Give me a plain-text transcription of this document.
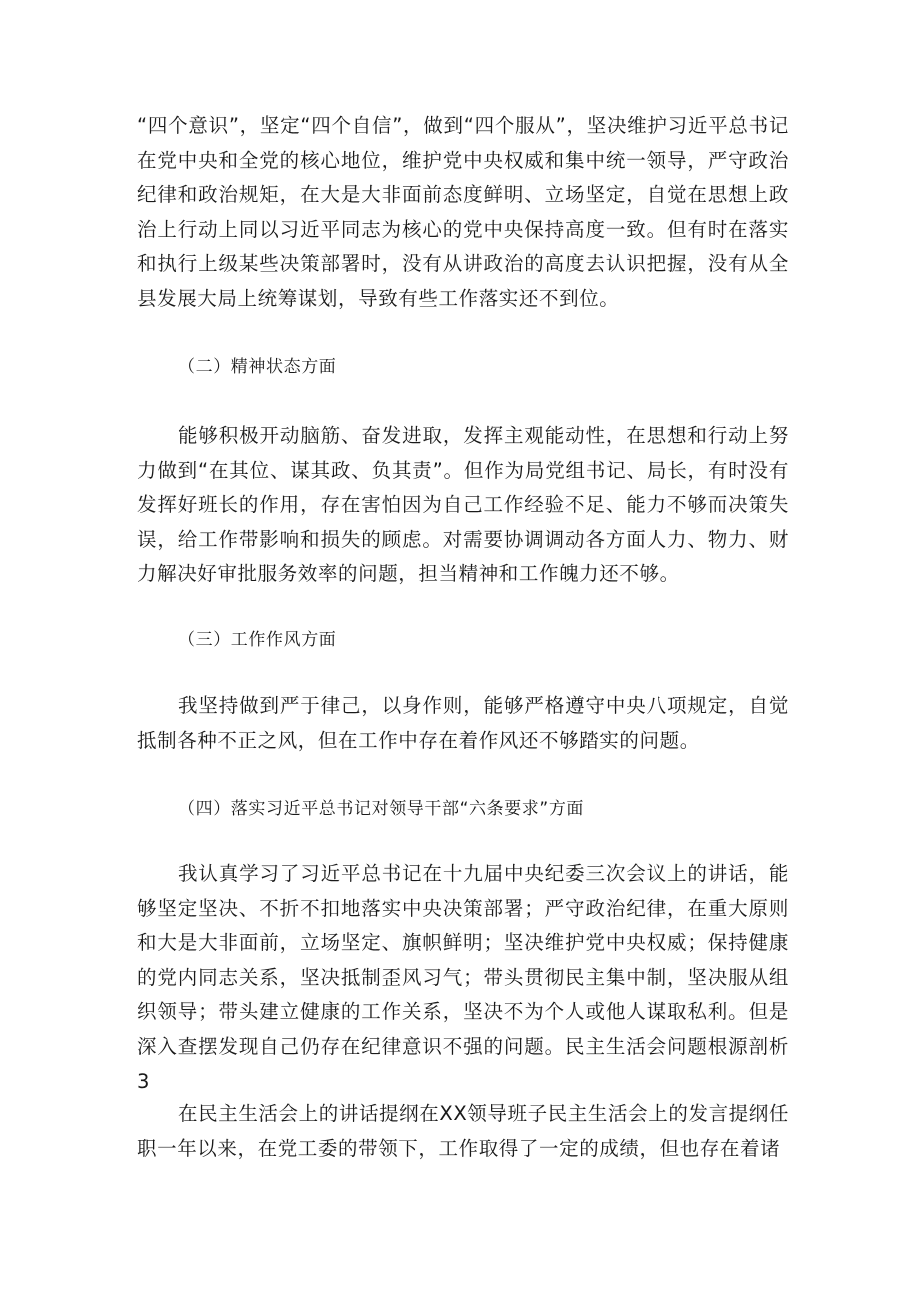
“四个意识”，坚定“四个自信”，做到“四个服从”，坚决维护习近平总书记在党中央和全党的核心地位，维护党中央权威和集中统一领导，严守政治纪律和政治规矩，在大是大非面前态度鲜明、立场坚定，自觉在思想上政治上行动上同以习近平同志为核心的党中央保持高度一致。但有时在落实和执行上级某些决策部署时，没有从讲政治的高度去认识把握，没有从全县发展大局上统筹谋划，导致有些工作落实还不到位。

（二）精神状态方面

能够积极开动脑筋、奋发进取，发挥主观能动性，在思想和行动上努力做到“在其位、谋其政、负其责”。但作为局党组书记、局长，有时没有发挥好班长的作用，存在害怕因为自己工作经验不足、能力不够而决策失误，给工作带影响和损失的顾虑。对需要协调调动各方面人力、物力、财力解决好审批服务效率的问题，担当精神和工作魄力还不够。

（三）工作作风方面

我坚持做到严于律己，以身作则，能够严格遵守中央八项规定，自觉抵制各种不正之风，但在工作中存在着作风还不够踏实的问题。

（四）落实习近平总书记对领导干部“六条要求”方面

我认真学习了习近平总书记在十九届中央纪委三次会议上的讲话，能够坚定坚决、不折不扣地落实中央决策部署；严守政治纪律，在重大原则和大是大非面前，立场坚定、旗帜鲜明；坚决维护党中央权威；保持健康的党内同志关系，坚决抵制歪风习气；带头贯彻民主集中制，坚决服从组织领导；带头建立健康的工作关系，坚决不为个人或他人谋取私利。但是深入查摆发现自己仍存在纪律意识不强的问题。民主生活会问题根源剖析3

在民主生活会上的讲话提纲在XX领导班子民主生活会上的发言提纲任职一年以来，在党工委的带领下，工作取得了一定的成绩，但也存在着诸
